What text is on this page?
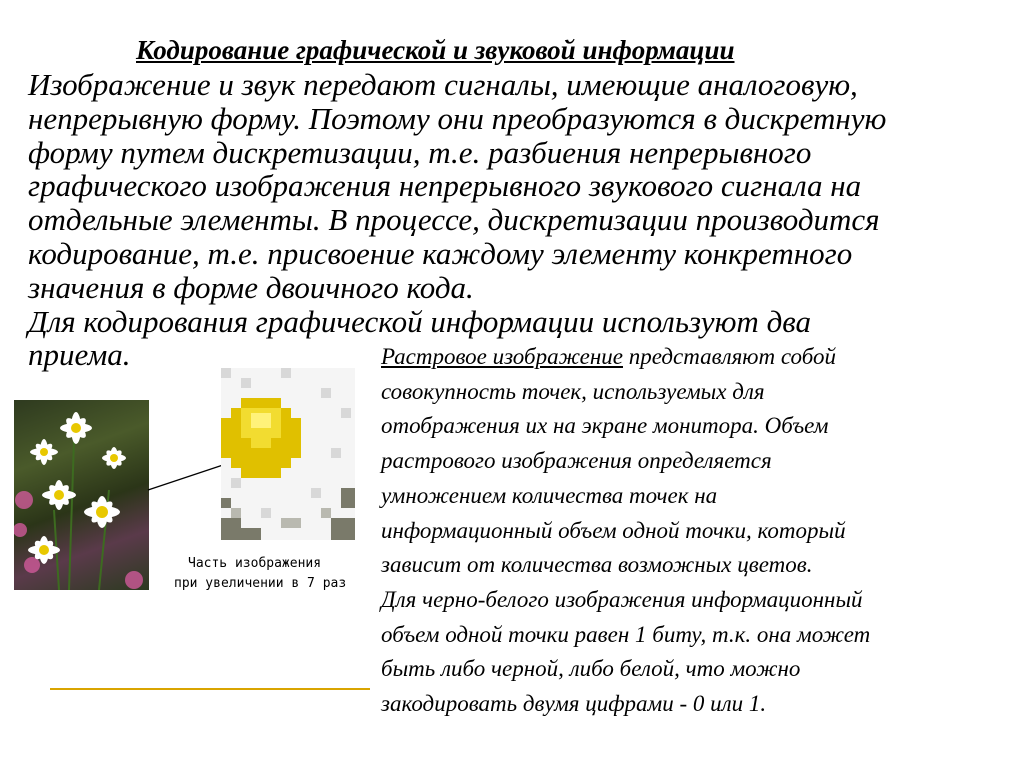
Кодирование графической и звуковой информации

Изображение и звук передают сигналы, имеющие аналоговую,

непрерывную форму. Поэтому они преобразуются в дискретную

форму путем дискретизации, т.е. разбиения непрерывного

графического изображения непрерывного звукового сигнала на

отдельные элементы. В процессе, дискретизации производится

кодирование, т.е. присвоение каждому элементу конкретного

значения в форме двоичного кода.

Для кодирования графической информации используют два

приема.

Часть изображения
при увеличении в 7 раз

Растровое изображение представляют собой

совокупность точек, используемых для

отображения их на экране монитора. Объем

растрового изображения определяется

умножением количества точек на

информационный объем одной точки, который

зависит от количества возможных цветов.

Для черно-белого изображения информационный

объем одной точки равен 1 биту, т.к. она может

быть либо черной, либо белой, что можно

закодировать двумя цифрами - 0 или 1.
